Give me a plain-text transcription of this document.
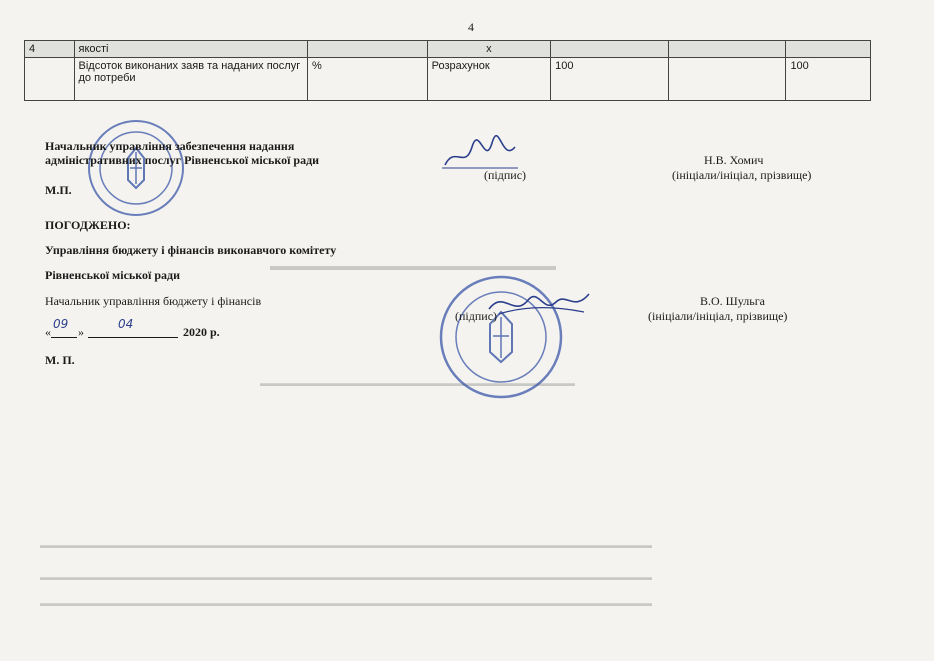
4
4	якості		х			
	Відсоток виконаних заяв та наданих послуг до потреби	%	Розрахунок	100		100
▬▬▬▬▬▬▬▬▬▬▬▬▬▬▬▬▬▬▬▬▬▬
▬▬▬▬▬▬▬▬▬▬▬▬▬▬▬▬▬▬▬▬▬▬▬▬▬▬▬▬▬▬▬▬▬▬▬
▬▬▬▬▬▬▬▬▬▬▬▬▬▬▬▬▬▬▬▬▬▬▬▬▬▬▬▬▬▬▬▬▬▬▬▬▬▬▬▬▬▬▬▬▬▬▬▬▬▬▬▬▬▬▬▬▬▬▬▬▬▬▬▬▬▬▬▬
▬▬▬▬▬▬▬▬▬▬▬▬▬▬▬▬▬▬▬▬▬▬▬▬▬▬▬▬▬▬▬▬▬▬▬▬▬▬▬▬▬▬▬▬▬▬▬▬▬▬▬▬▬▬▬▬▬▬▬▬▬▬▬▬▬▬▬▬
▬▬▬▬▬▬▬▬▬▬▬▬▬▬▬▬▬▬▬▬▬▬▬▬▬▬▬▬▬▬▬▬▬▬▬▬▬▬▬▬▬▬▬▬▬▬▬▬▬▬▬▬▬▬▬▬▬▬▬▬▬▬▬▬▬▬▬▬
Начальник управління забезпечення надання
адміністративних послуг Рівненської міської ради	Н.В. Хомич
(підпис)	(ініціали/ініціал, прізвище)
М.П.
ПОГОДЖЕНО:
Управління бюджету і фінансів виконавчого комітету
Рівненської міської ради
Начальник управління бюджету і фінансів	В.О. Шульга
(підпис)	(ініціали/ініціал, прізвище)
«
09
»
04
2020 р.
М. П.
